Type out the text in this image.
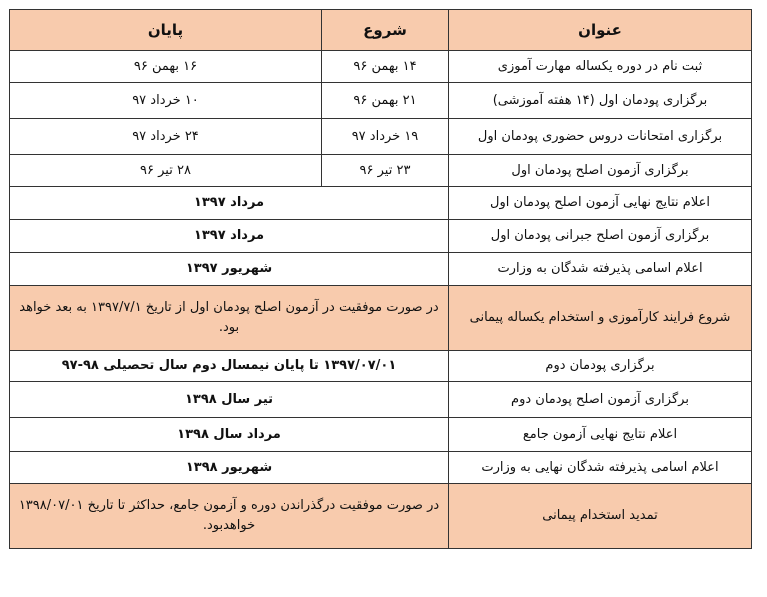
عنوان	شروع	پایان
ثبت نام در دوره یکساله مهارت آموزی	۱۴ بهمن ۹۶	۱۶ بهمن ۹۶
برگزاری پودمان اول (۱۴ هفته آموزشی)	۲۱ بهمن ۹۶	۱۰ خرداد ۹۷
برگزاری امتحانات دروس حضوری پودمان اول	۱۹ خرداد ۹۷	۲۴ خرداد ۹۷
برگزاری آزمون اصلح پودمان اول	۲۳ تیر ۹۶	۲۸ تیر ۹۶
اعلام نتایج نهایی آزمون اصلح پودمان اول	مرداد ۱۳۹۷	
برگزاری آزمون اصلح جبرانی پودمان اول	مرداد ۱۳۹۷	
اعلام اسامی پذیرفته شدگان به وزارت	شهریور ۱۳۹۷	
شروع فرایند کارآموزی و استخدام یکساله پیمانی	در صورت موفقیت در آزمون اصلح پودمان اول از تاریخ ۱۳۹۷/۷/۱ به بعد خواهد بود.	
برگزاری پودمان دوم	۱۳۹۷/۰۷/۰۱ تا پایان نیمسال دوم سال تحصیلی ۹۸-۹۷	
برگزاری آزمون اصلح پودمان دوم	تیر سال ۱۳۹۸	
اعلام نتایج نهایی آزمون جامع	مرداد سال ۱۳۹۸	
اعلام اسامی پذیرفته شدگان نهایی به وزارت	شهریور ۱۳۹۸	
تمدید استخدام پیمانی	در صورت موفقیت درگذراندن دوره و آزمون جامع، حداکثر تا تاریخ ۱۳۹۸/۰۷/۰۱ خواهدبود.	
